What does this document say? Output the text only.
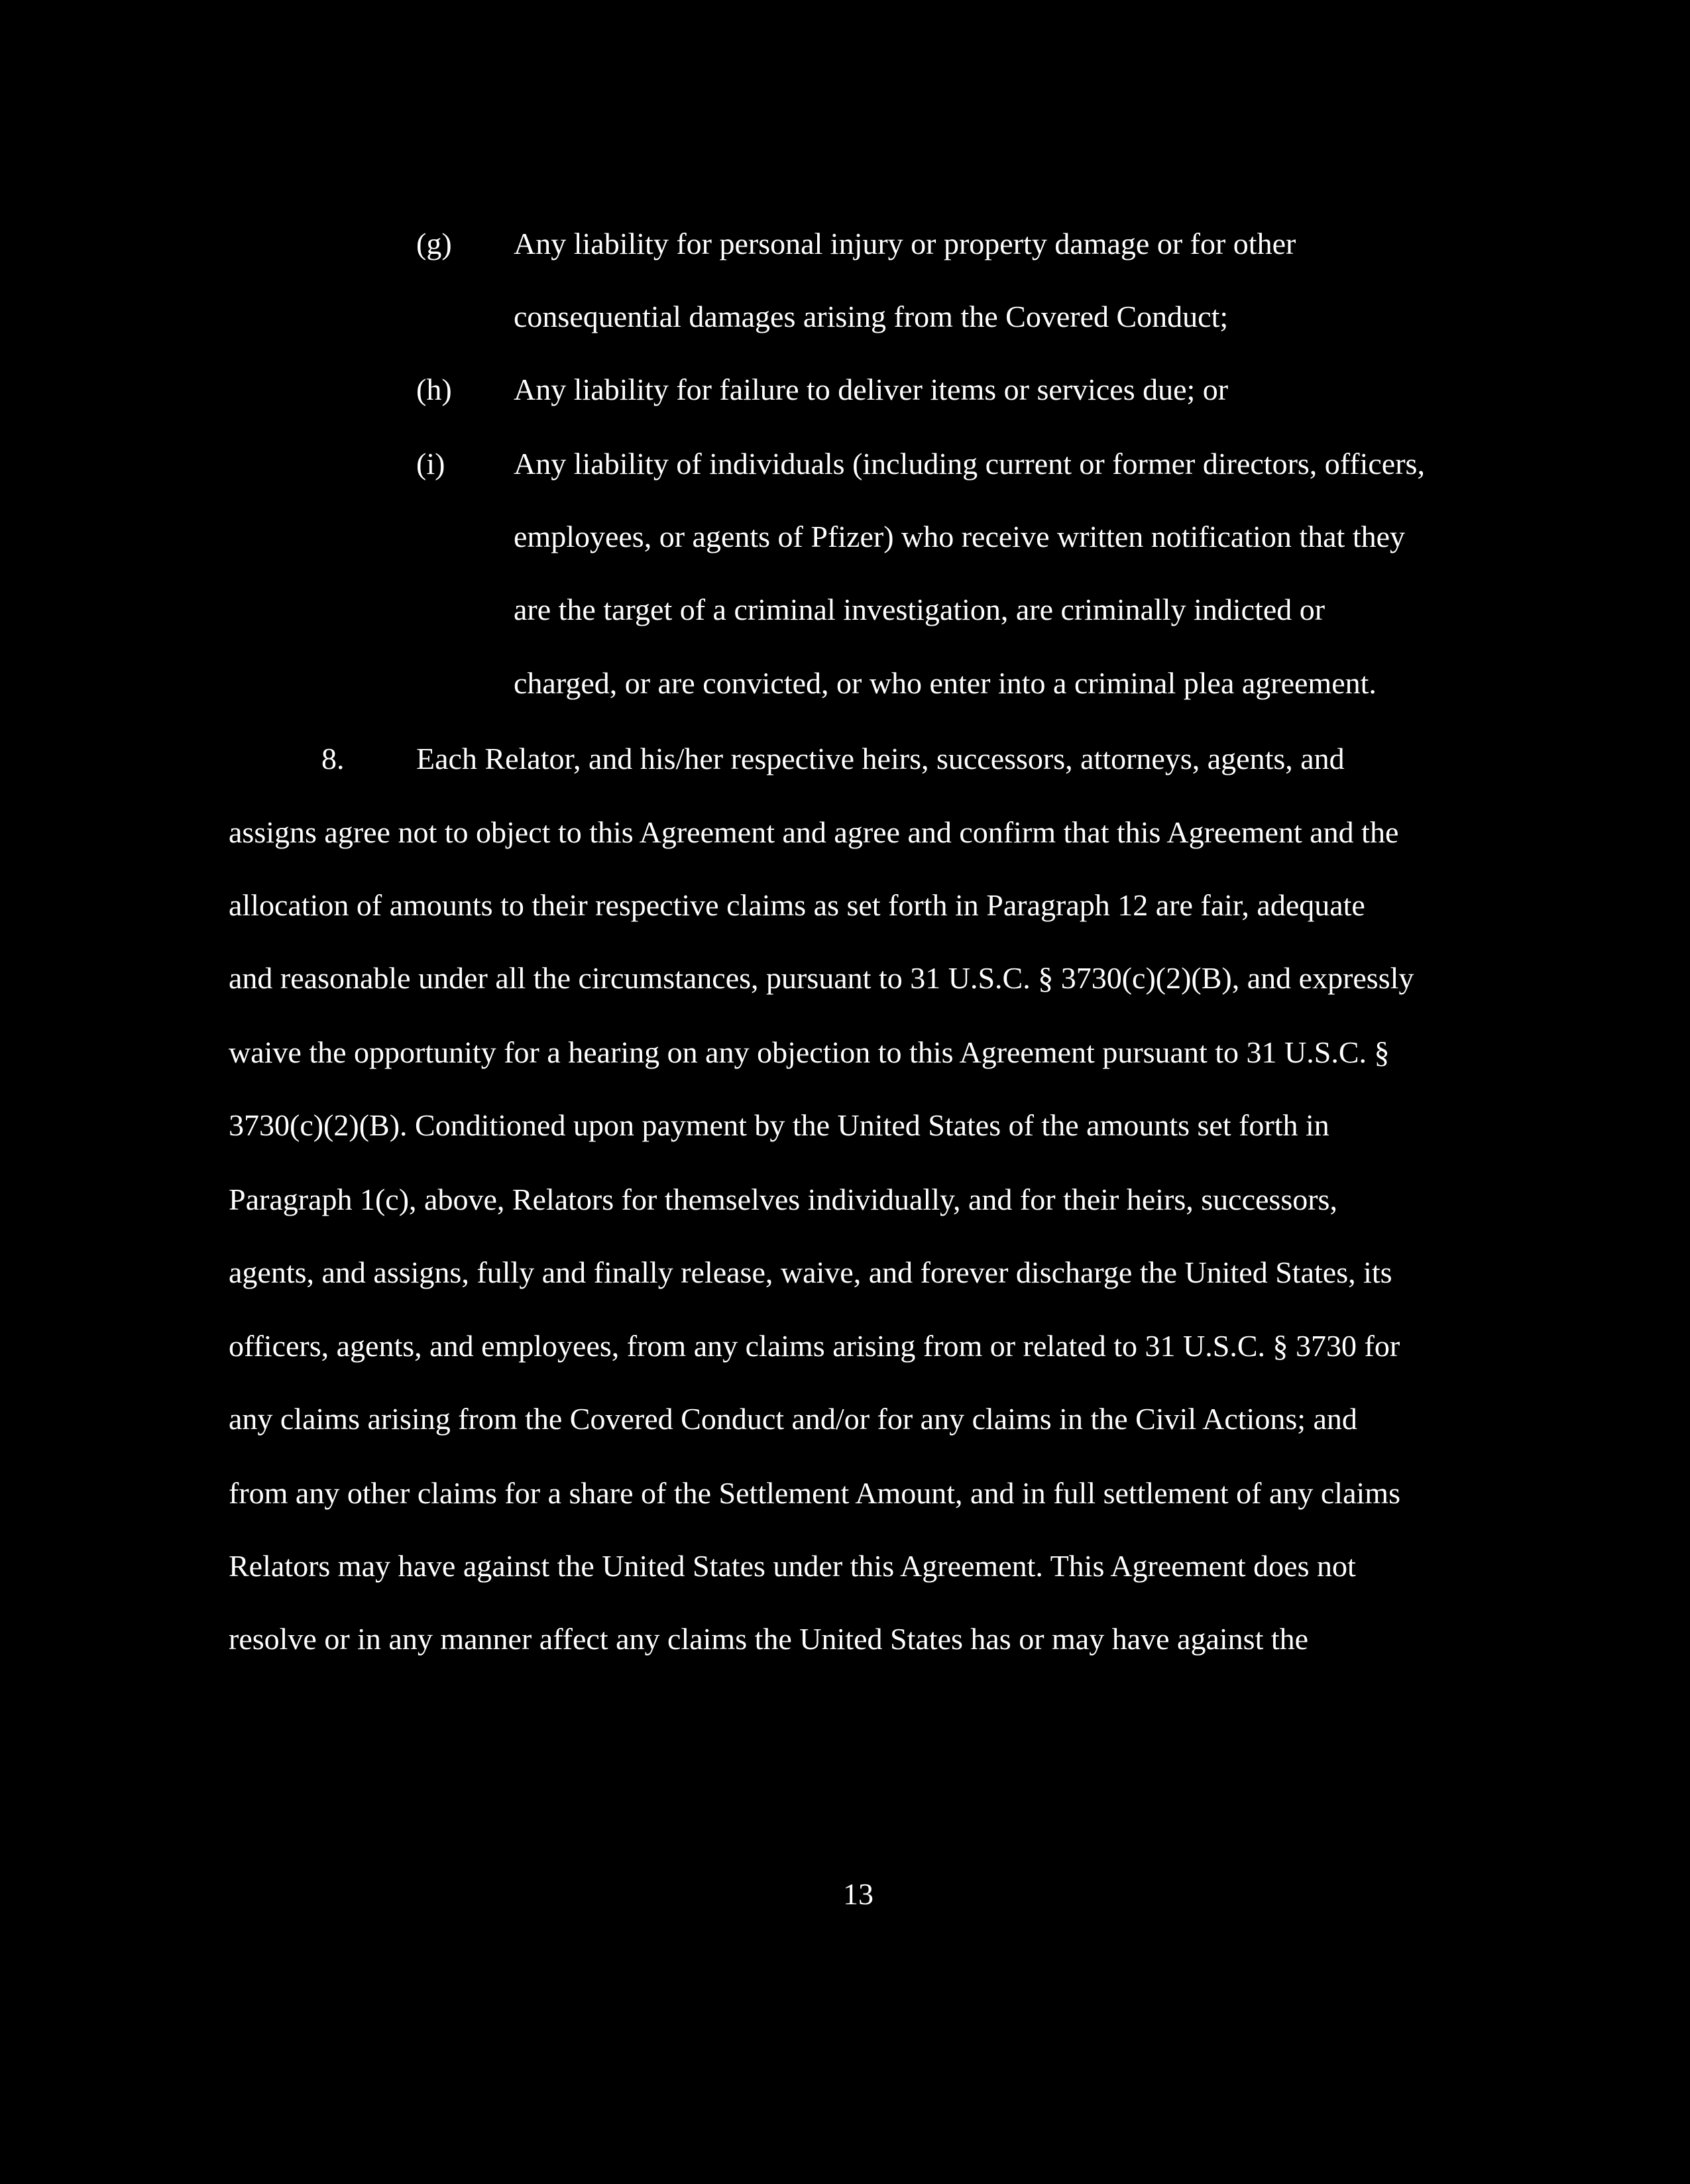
(g) Any liability for personal injury or property damage or for other
consequential damages arising from the Covered Conduct;
(h) Any liability for failure to deliver items or services due; or
(i) Any liability of individuals (including current or former directors, officers,
employees, or agents of Pfizer) who receive written notification that they
are the target of a criminal investigation, are criminally indicted or
charged, or are convicted, or who enter into a criminal plea agreement.
8. Each Relator, and his/her respective heirs, successors, attorneys, agents, and
assigns agree not to object to this Agreement and agree and confirm that this Agreement and the
allocation of amounts to their respective claims as set forth in Paragraph 12 are fair, adequate
and reasonable under all the circumstances, pursuant to 31 U.S.C. § 3730(c)(2)(B), and expressly
waive the opportunity for a hearing on any objection to this Agreement pursuant to 31 U.S.C. §
3730(c)(2)(B). Conditioned upon payment by the United States of the amounts set forth in
Paragraph 1(c), above, Relators for themselves individually, and for their heirs, successors,
agents, and assigns, fully and finally release, waive, and forever discharge the United States, its
officers, agents, and employees, from any claims arising from or related to 31 U.S.C. § 3730 for
any claims arising from the Covered Conduct and/or for any claims in the Civil Actions; and
from any other claims for a share of the Settlement Amount, and in full settlement of any claims
Relators may have against the United States under this Agreement. This Agreement does not
resolve or in any manner affect any claims the United States has or may have against the
13
